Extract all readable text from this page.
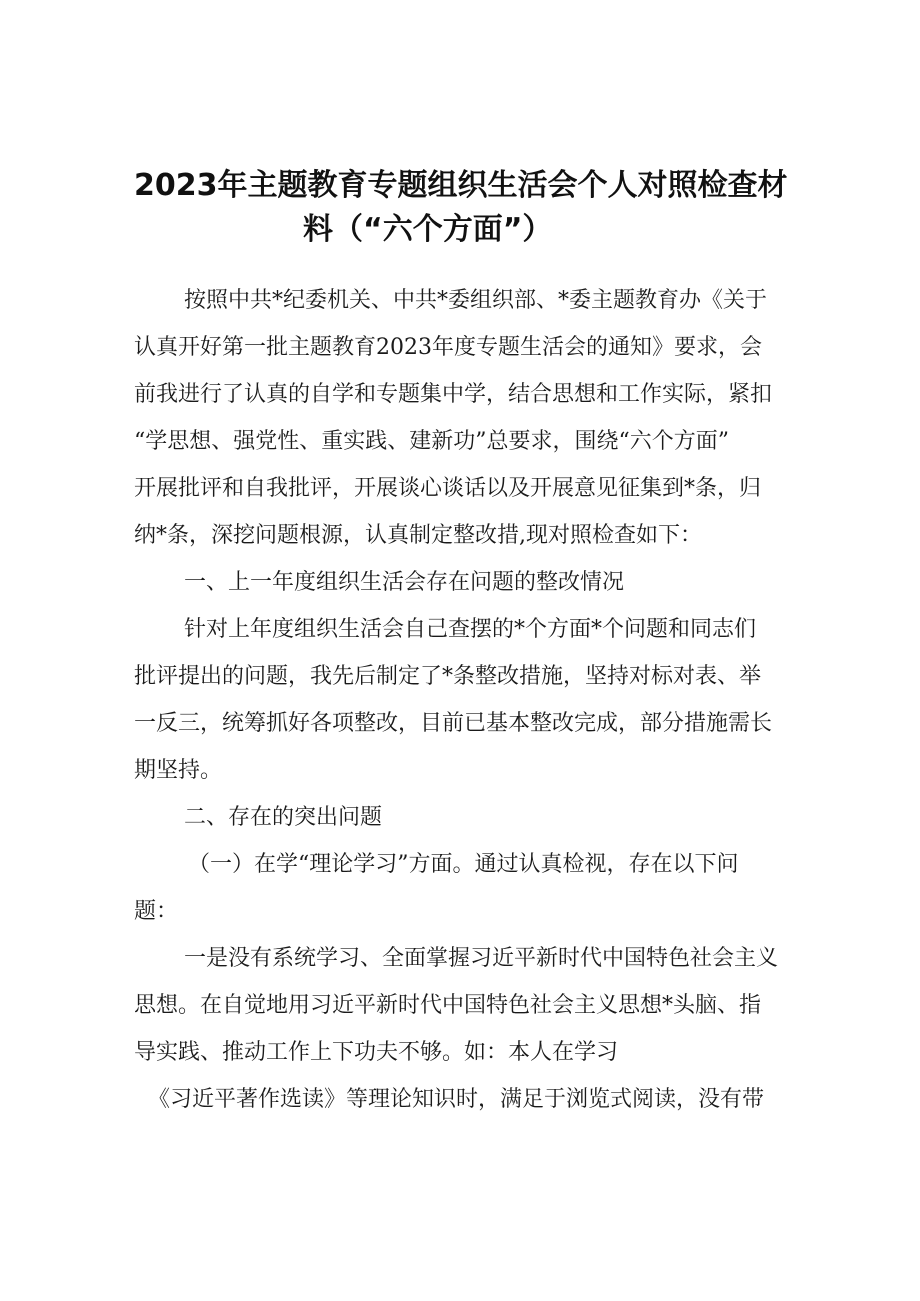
2023年主题教育专题组织生活会个人对照检查材
料（“六个方面”）
按照中共*纪委机关、中共*委组织部、*委主题教育办《关于
认真开好第一批主题教育2023年度专题生活会的通知》要求，会
前我进行了认真的自学和专题集中学，结合思想和工作实际，紧扣
“学思想、强党性、重实践、建新功”总要求，围绕“六个方面”
开展批评和自我批评，开展谈心谈话以及开展意见征集到*条，归
纳*条，深挖问题根源，认真制定整改措,现对照检查如下：
一、上一年度组织生活会存在问题的整改情况
针对上年度组织生活会自己查摆的*个方面*个问题和同志们
批评提出的问题，我先后制定了*条整改措施，坚持对标对表、举
一反三，统筹抓好各项整改，目前已基本整改完成，部分措施需长
期坚持。
二、存在的突出问题
（一）在学“理论学习”方面。通过认真检视，存在以下问
题：
一是没有系统学习、全面掌握习近平新时代中国特色社会主义
思想。在自觉地用习近平新时代中国特色社会主义思想*头脑、指
导实践、推动工作上下功夫不够。如：本人在学习
《习近平著作选读》等理论知识时，满足于浏览式阅读，没有带
